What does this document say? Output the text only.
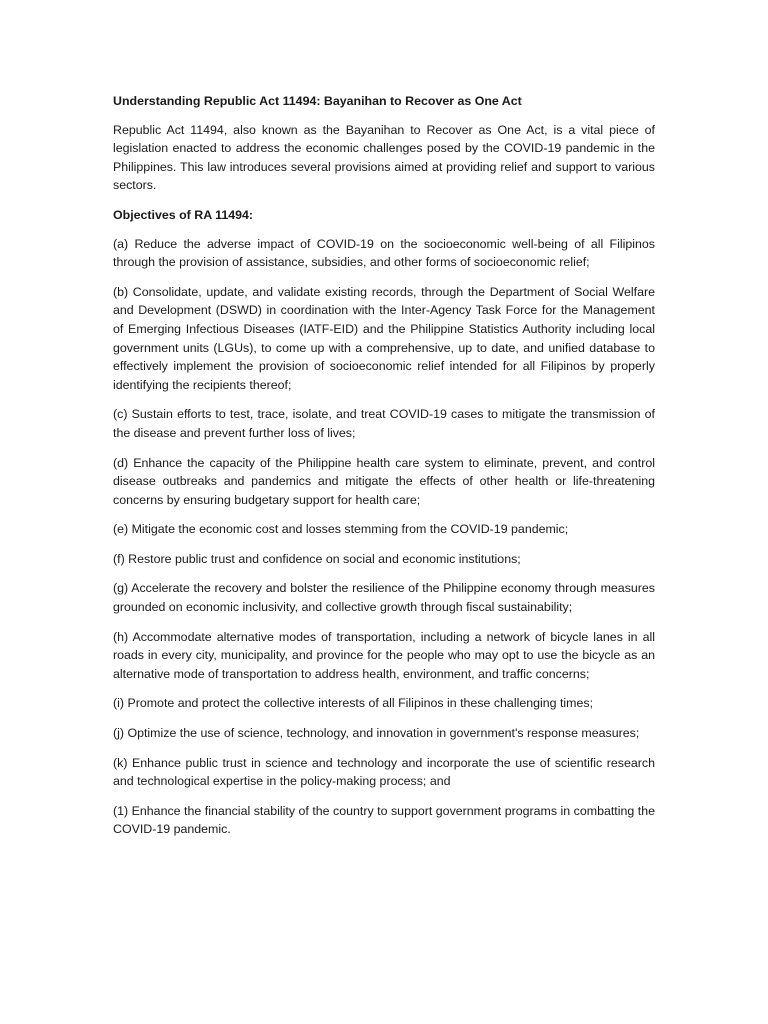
Understanding Republic Act 11494: Bayanihan to Recover as One Act

Republic Act 11494, also known as the Bayanihan to Recover as One Act, is a vital piece of legislation enacted to address the economic challenges posed by the COVID-19 pandemic in the Philippines. This law introduces several provisions aimed at providing relief and support to various sectors.

Objectives of RA 11494:

(a) Reduce the adverse impact of COVID-19 on the socioeconomic well-being of all Filipinos through the provision of assistance, subsidies, and other forms of socioeconomic relief;

(b) Consolidate, update, and validate existing records, through the Department of Social Welfare and Development (DSWD) in coordination with the Inter-Agency Task Force for the Management of Emerging Infectious Diseases (IATF-EID) and the Philippine Statistics Authority including local government units (LGUs), to come up with a comprehensive, up to date, and unified database to effectively implement the provision of socioeconomic relief intended for all Filipinos by properly identifying the recipients thereof;

(c) Sustain efforts to test, trace, isolate, and treat COVID-19 cases to mitigate the transmission of the disease and prevent further loss of lives;

(d) Enhance the capacity of the Philippine health care system to eliminate, prevent, and control disease outbreaks and pandemics and mitigate the effects of other health or life-threatening concerns by ensuring budgetary support for health care;

(e) Mitigate the economic cost and losses stemming from the COVID-19 pandemic;

(f) Restore public trust and confidence on social and economic institutions;

(g) Accelerate the recovery and bolster the resilience of the Philippine economy through measures grounded on economic inclusivity, and collective growth through fiscal sustainability;

(h) Accommodate alternative modes of transportation, including a network of bicycle lanes in all roads in every city, municipality, and province for the people who may opt to use the bicycle as an alternative mode of transportation to address health, environment, and traffic concerns;

(i) Promote and protect the collective interests of all Filipinos in these challenging times;

(j) Optimize the use of science, technology, and innovation in government's response measures;

(k) Enhance public trust in science and technology and incorporate the use of scientific research and technological expertise in the policy-making process; and

(1) Enhance the financial stability of the country to support government programs in combatting the COVID-19 pandemic.
